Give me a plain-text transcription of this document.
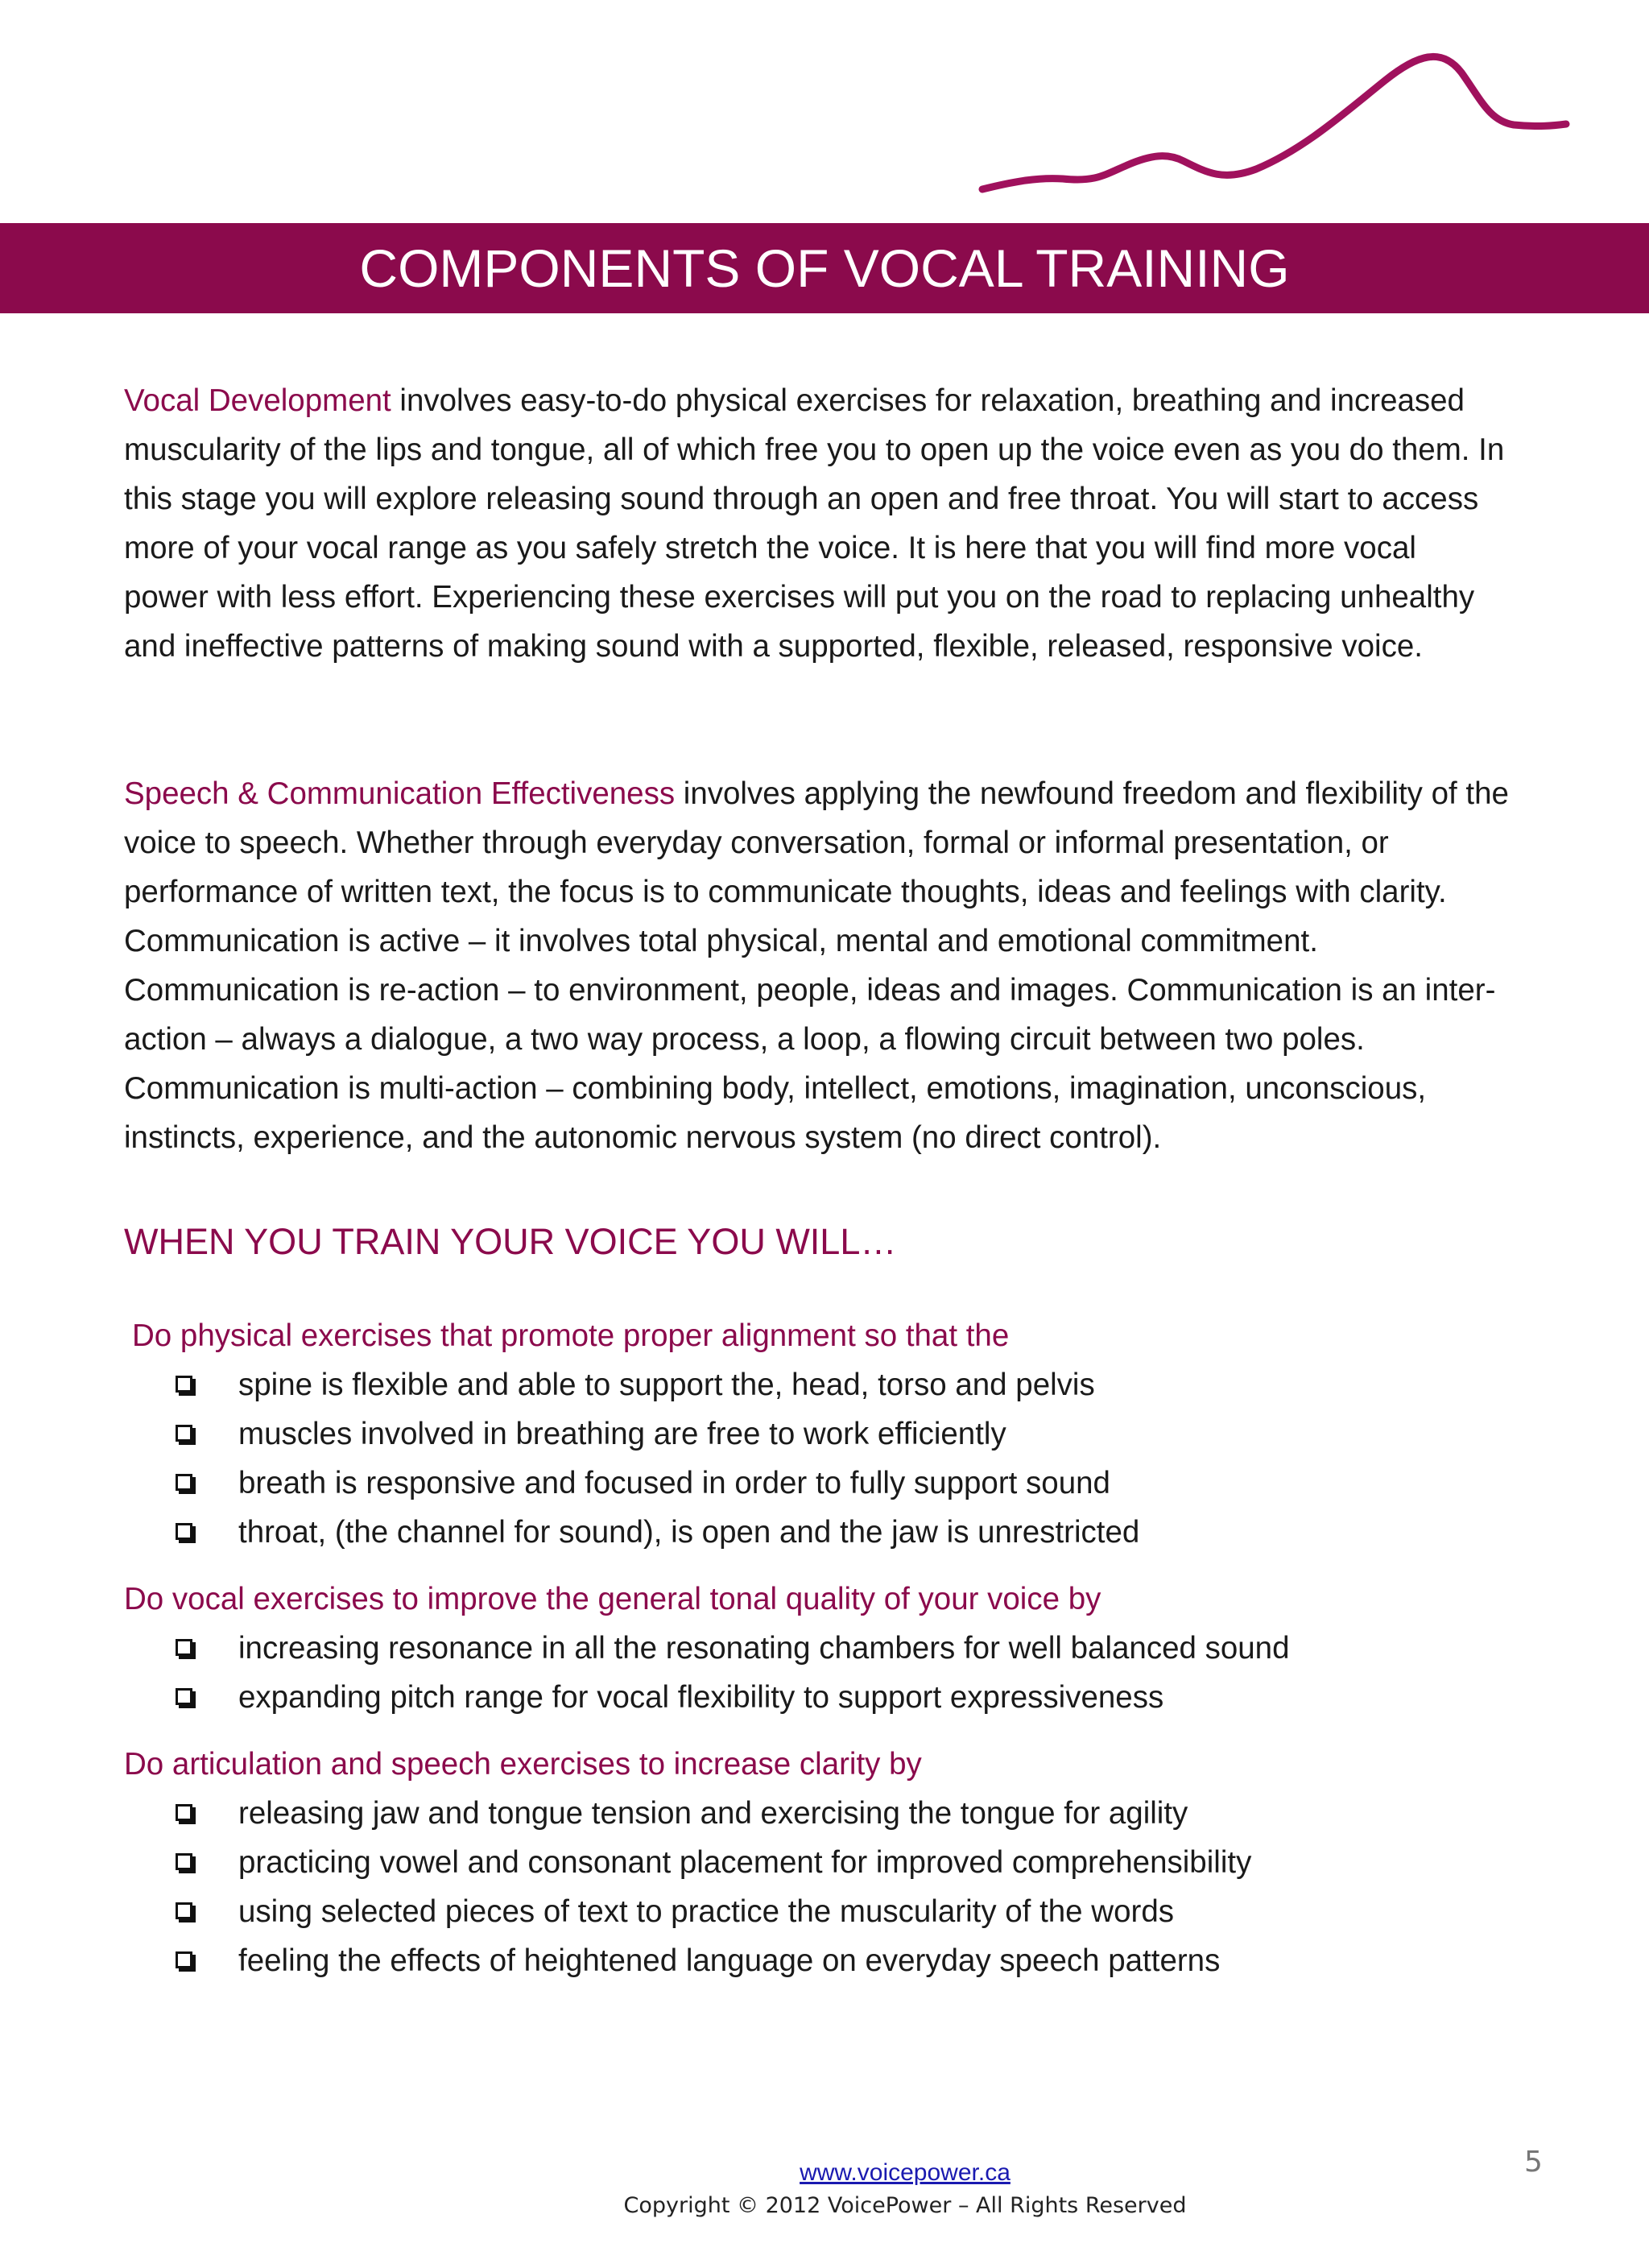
COMPONENTS OF VOCAL TRAINING

Vocal Development involves easy-to-do physical exercises for relaxation, breathing and increased muscularity of the lips and tongue, all of which free you to open up the voice even as you do them. In this stage you will explore releasing sound through an open and free throat. You will start to access more of your vocal range as you safely stretch the voice. It is here that you will find more vocal power with less effort. Experiencing these exercises will put you on the road to replacing unhealthy and ineffective patterns of making sound with a supported, flexible, released, responsive voice.

Speech & Communication Effectiveness involves applying the newfound freedom and flexibility of the voice to speech. Whether through everyday conversation, formal or informal presentation, or performance of written text, the focus is to communicate thoughts, ideas and feelings with clarity. Communication is active – it involves total physical, mental and emotional commitment. Communication is re-action – to environment, people, ideas and images. Communication is an inter-action – always a dialogue, a two way process, a loop, a flowing circuit between two poles. Communication is multi-action – combining body, intellect, emotions, imagination, unconscious, instincts, experience, and the autonomic nervous system (no direct control).

WHEN YOU TRAIN YOUR VOICE YOU WILL…

Do physical exercises that promote proper alignment so that the

spine is flexible and able to support the, head, torso and pelvis
muscles involved in breathing are free to work efficiently
breath is responsive and focused in order to fully support sound
throat, (the channel for sound), is open and the jaw is unrestricted

Do vocal exercises to improve the general tonal quality of your voice by

increasing resonance in all the resonating chambers for well balanced sound
expanding pitch range for vocal flexibility to support expressiveness

Do articulation and speech exercises to increase clarity by

releasing jaw and tongue tension and exercising the tongue for agility
practicing vowel and consonant placement for improved comprehensibility
using selected pieces of text to practice the muscularity of the words
feeling the effects of heightened language on everyday speech patterns
www.voicepower.ca
Copyright © 2012 VoicePower – All Rights Reserved
5
